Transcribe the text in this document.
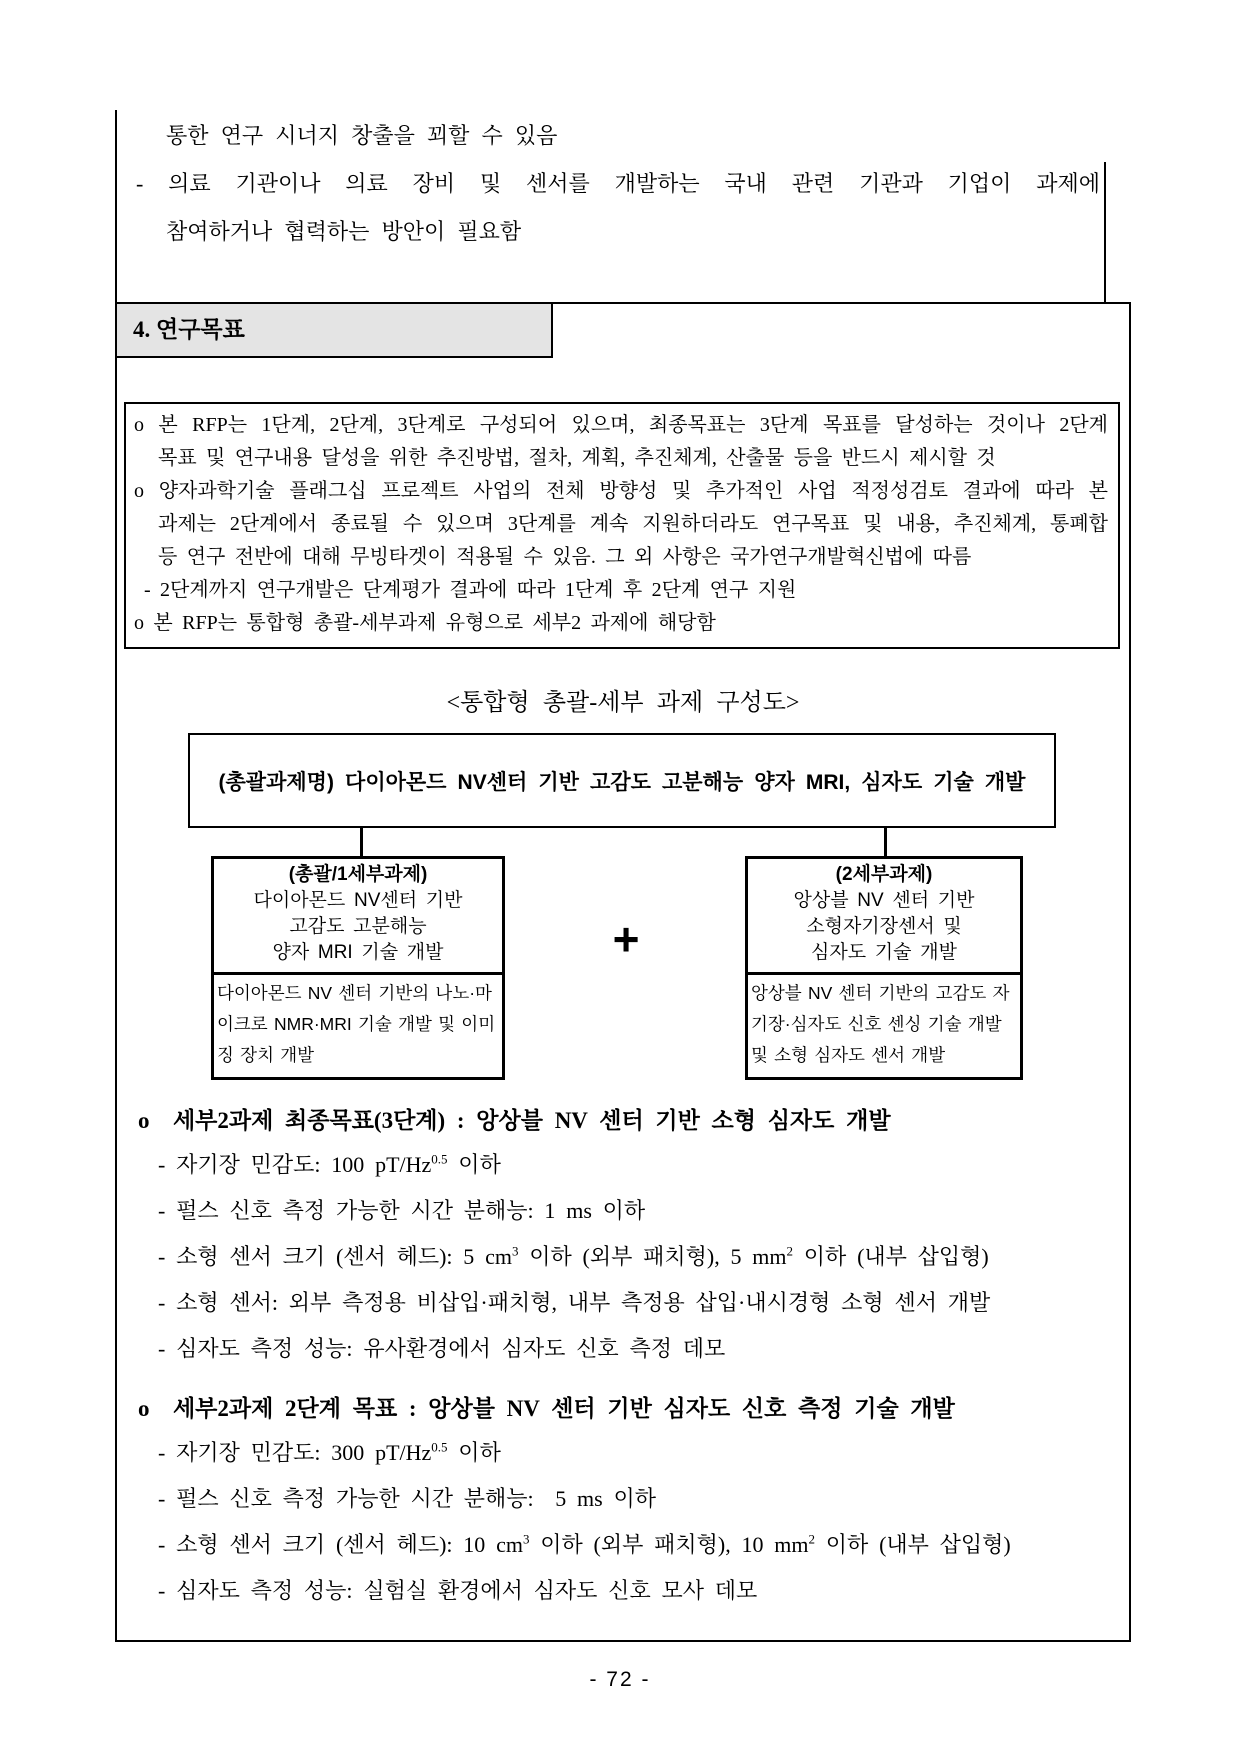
통한 연구 시너지 창출을 꾀할 수 있음
- 의료 기관이나 의료 장비 및 센서를 개발하는 국내 관련 기관과 기업이 과제에
참여하거나 협력하는 방안이 필요함
4. 연구목표
o 본 RFP는 1단계, 2단계, 3단계로 구성되어 있으며, 최종목표는 3단계 목표를 달성하는 것이나 2단계
목표 및 연구내용 달성을 위한 추진방법, 절차, 계획, 추진체계, 산출물 등을 반드시 제시할 것
o 양자과학기술 플래그십 프로젝트 사업의 전체 방향성 및 추가적인 사업 적정성검토 결과에 따라 본
과제는 2단계에서 종료될 수 있으며 3단계를 계속 지원하더라도 연구목표 및 내용, 추진체계, 통폐합
등 연구 전반에 대해 무빙타겟이 적용될 수 있음. 그 외 사항은 국가연구개발혁신법에 따름
- 2단계까지 연구개발은 단계평가 결과에 따라 1단계 후 2단계 연구 지원
o 본 RFP는 통합형 총괄-세부과제 유형으로 세부2 과제에 해당함
<통합형 총괄-세부 과제 구성도>
(총괄과제명) 다이아몬드 NV센터 기반 고감도 고분해능 양자 MRI, 심자도 기술 개발
(총괄/1세부과제)
다이아몬드 NV센터 기반
고감도 고분해능
양자 MRI 기술 개발
다이아몬드 NV 센터 기반의 나노·마이크로 NMR·MRI 기술 개발 및 이미징 장치 개발
+
(2세부과제)
앙상블 NV 센터 기반
소형자기장센서 및
심자도 기술 개발
앙상블 NV 센터 기반의 고감도 자기장·심자도 신호 센싱 기술 개발 및 소형 심자도 센서 개발
o  세부2과제 최종목표(3단계) : 앙상블 NV 센터 기반 소형 심자도 개발
- 자기장 민감도: 100 $pT/Hz^{0.5}$ 이하
- 펄스 신호 측정 가능한 시간 분해능: 1 ms 이하
- 소형 센서 크기 (센서 헤드): 5 $cm^3$ 이하 (외부 패치형), 5 $mm^2$ 이하 (내부 삽입형)
- 소형 센서: 외부 측정용 비삽입·패치형, 내부 측정용 삽입·내시경형 소형 센서 개발
- 심자도 측정 성능: 유사환경에서 심자도 신호 측정 데모
o  세부2과제 2단계 목표 : 앙상블 NV 센터 기반 심자도 신호 측정 기술 개발
- 자기장 민감도: 300 $pT/Hz^{0.5}$ 이하
- 펄스 신호 측정 가능한 시간 분해능:  5 ms 이하
- 소형 센서 크기 (센서 헤드): 10 $cm^3$ 이하 (외부 패치형), 10 $mm^2$ 이하 (내부 삽입형)
- 심자도 측정 성능: 실험실 환경에서 심자도 신호 모사 데모
- 72 -
